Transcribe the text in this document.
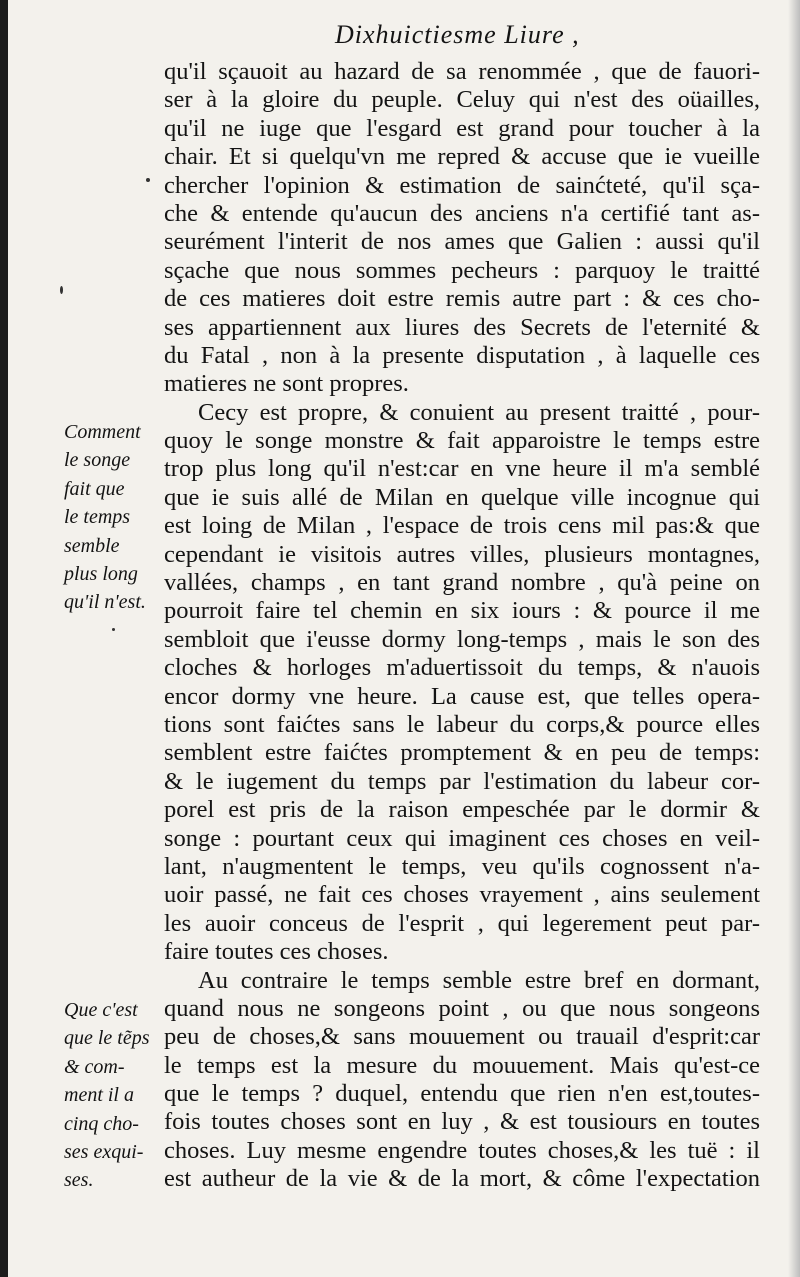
Dixhuictiesme Liure ,
qu'il sçauoit au hazard de sa renommée , que de fauori-
ser à la gloire du peuple. Celuy qui n'est des oüailles,
qu'il ne iuge que l'esgard est grand pour toucher à la
chair. Et si quelqu'vn me repred & accuse que ie vueille
chercher l'opinion & estimation de sainćteté, qu'il sça-
che & entende qu'aucun des anciens n'a certifié tant as-
seurément l'interit de nos ames que Galien : aussi qu'il
sçache que nous sommes pecheurs : parquoy le traitté
de ces matieres doit estre remis autre part : & ces cho-
ses appartiennent aux liures des Secrets de l'eternité &
du Fatal , non à la presente disputation , à laquelle ces
matieres ne sont propres.
Cecy est propre, & conuient au present traitté , pour-
quoy le songe monstre & fait apparoistre le temps estre
trop plus long qu'il n'est:car en vne heure il m'a semblé
que ie suis allé de Milan en quelque ville incognue qui
est loing de Milan , l'espace de trois cens mil pas:& que
cependant ie visitois autres villes, plusieurs montagnes,
vallées, champs , en tant grand nombre , qu'à peine on
pourroit faire tel chemin en six iours : & pource il me
sembloit que i'eusse dormy long-temps , mais le son des
cloches & horloges m'aduertissoit du temps, & n'auois
encor dormy vne heure. La cause est, que telles opera-
tions sont faićtes sans le labeur du corps,& pource elles
semblent estre faićtes promptement & en peu de temps:
& le iugement du temps par l'estimation du labeur cor-
porel est pris de la raison empeschée par le dormir &
songe : pourtant ceux qui imaginent ces choses en veil-
lant, n'augmentent le temps, veu qu'ils cognossent n'a-
uoir passé, ne fait ces choses vrayement , ains seulement
les auoir conceus de l'esprit , qui legerement peut par-
faire toutes ces choses.
Au contraire le temps semble estre bref en dormant,
quand nous ne songeons point , ou que nous songeons
peu de choses,& sans mouuement ou trauail d'esprit:car
le temps est la mesure du mouuement. Mais qu'est-ce
que le temps ? duquel, entendu que rien n'en est,toutes-
fois toutes choses sont en luy , & est tousiours en toutes
choses. Luy mesme engendre toutes choses,& les tuë : il
est autheur de la vie & de la mort, & côme l'expectation
Comment
le songe
fait que
le temps
semble
plus long
qu'il n'est.
Que c'est
que le tẽps
& com-
ment il a
cinq cho-
ses exqui-
ses.
